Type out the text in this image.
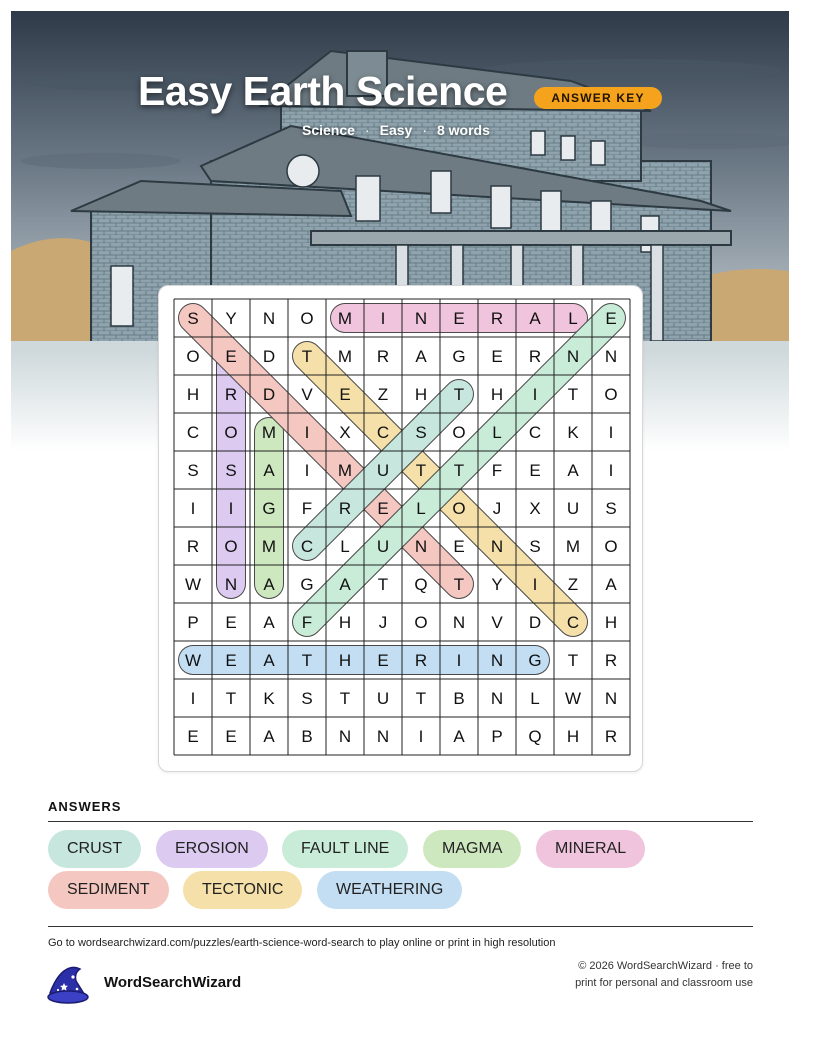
Easy Earth Science	ANSWER KEY
Science · Easy · 8 words
S Y N O M I N E R A L E
O E D T M R A G E R N N
H R D V E Z H T H I T O
C O M I X C S O L C K I
S S A I M U T T F E A I
I I G F R E L O J X U S
R O M C L U N E N S M O
W N A G A T Q T Y I Z A
P E A F H J O N V D C H
W E A T H E R I N G T R
I T K S T U T B N L W N
E E A B N N I A P Q H R
ANSWERS
CRUST	EROSION	FAULT LINE	MAGMA	MINERAL
SEDIMENT	TECTONIC	WEATHERING
Go to wordsearchwizard.com/puzzles/earth-science-word-search to play online or print in high resolution
WordSearchWizard
© 2026 WordSearchWizard · free to print for personal and classroom use
